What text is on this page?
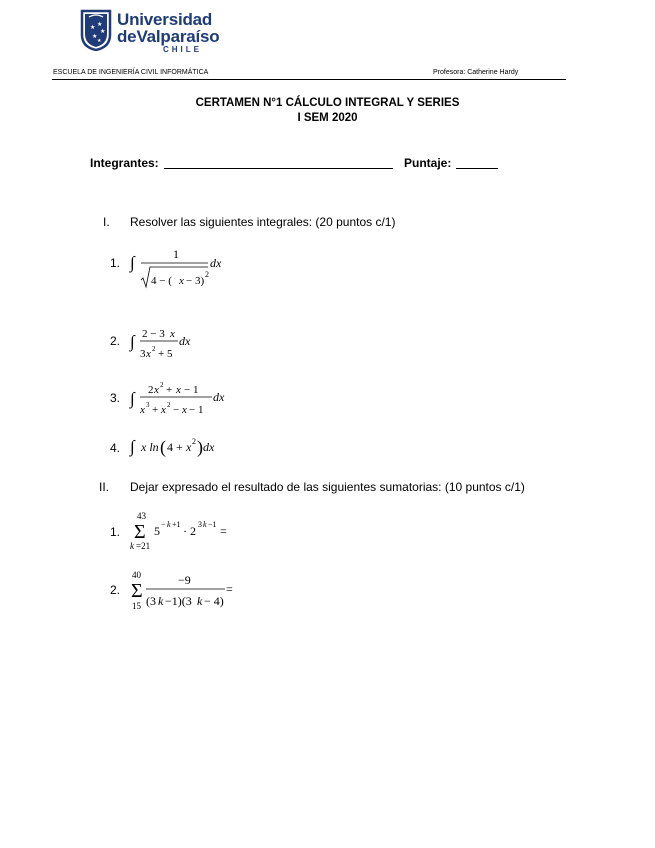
★ ★
★
★
★
Universidad
deValparaíso
CHILE
ESCUELA DE INGENIERÍA CIVIL INFORMÁTICA	Profesora: Catherine Hardy
CERTAMEN N°1 CÁLCULO INTEGRAL Y SERIES
I SEM 2020
Integrantes:	Puntaje:
I. Resolver las siguientes integrales: (20 puntos c/1)
1. ∫	1
4 − ( x − 3)
2
dx
2. ∫ 2 − 3 x
3 x 2 + 5
dx
3. ∫ 2 x 2 + x − 1
x 3 + x 2 − x − 1
dx
4. ∫ x ln ( 4 + x 2 ) dx
II. Dejar expresado el resultado de las siguientes sumatorias: (10 puntos c/1)
1.
43
Σ
k =21
5 − k +1 · 2 3 k −1 =
2.
40
Σ
15
−9
(3 k −1)(3 k − 4)
=
